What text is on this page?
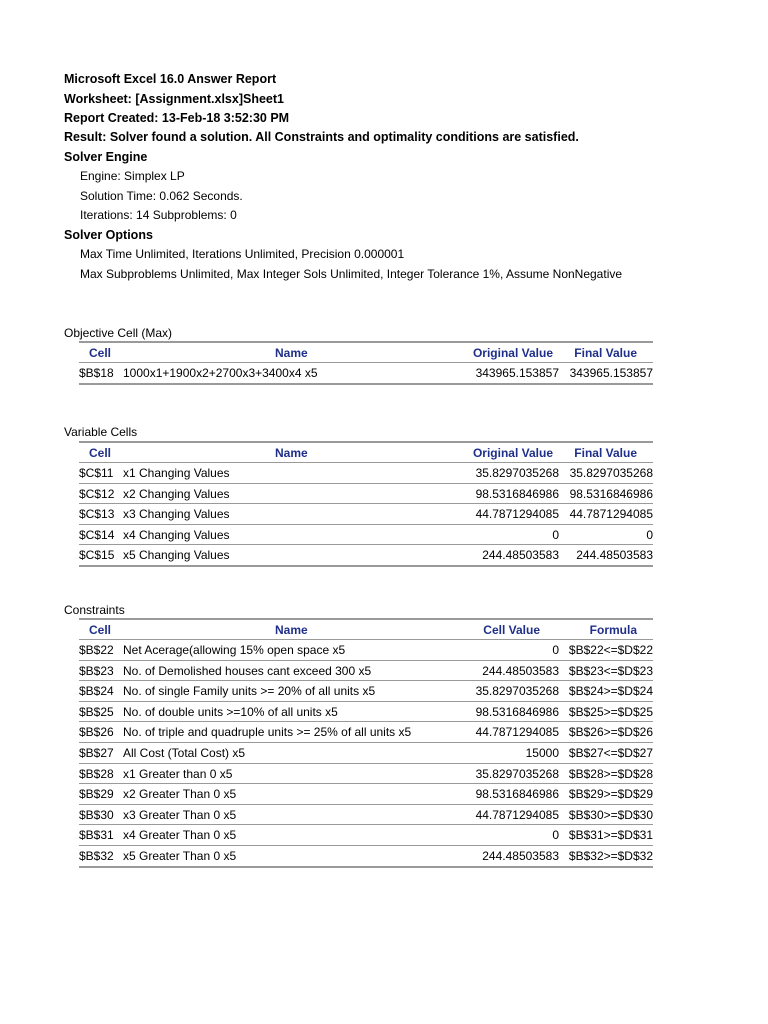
Microsoft Excel 16.0 Answer Report
Worksheet: [Assignment.xlsx]Sheet1
Report Created: 13-Feb-18 3:52:30 PM
Result: Solver found a solution. All Constraints and optimality conditions are satisfied.
Solver Engine
Engine: Simplex LP
Solution Time: 0.062 Seconds.
Iterations: 14 Subproblems: 0
Solver Options
Max Time Unlimited, Iterations Unlimited, Precision 0.000001
Max Subproblems Unlimited, Max Integer Sols Unlimited, Integer Tolerance 1%, Assume NonNegative
Objective Cell (Max)
Cell	Name	Original Value Final Value
$B$18 1000x1+1900x2+2700x3+3400x4 x5	343965.153857 343965.153857
Variable Cells
Cell	Name	Original Value Final Value
$C$11 x1 Changing Values	35.8297035268 35.8297035268
$C$12 x2 Changing Values	98.5316846986 98.5316846986
$C$13 x3 Changing Values	44.7871294085 44.7871294085
$C$14 x4 Changing Values	0	0
$C$15 x5 Changing Values	244.48503583 244.48503583
Constraints
Cell	Name	Cell Value	Formula
$B$22 Net Acerage(allowing 15% open space x5	0 $B$22<=$D$22
$B$23 No. of Demolished houses cant exceed 300 x5	244.48503583 $B$23<=$D$23
$B$24 No. of single Family units >= 20% of all units x5	35.8297035268 $B$24>=$D$24
$B$25 No. of double units >=10% of all units x5	98.5316846986 $B$25>=$D$25
$B$26 No. of triple and quadruple units >= 25% of all units x5	44.7871294085 $B$26>=$D$26
$B$27 All Cost (Total Cost) x5	15000 $B$27<=$D$27
$B$28 x1 Greater than 0 x5	35.8297035268 $B$28>=$D$28
$B$29 x2 Greater Than 0 x5	98.5316846986 $B$29>=$D$29
$B$30 x3 Greater Than 0 x5	44.7871294085 $B$30>=$D$30
$B$31 x4 Greater Than 0 x5	0 $B$31>=$D$31
$B$32 x5 Greater Than 0 x5	244.48503583 $B$32>=$D$32
